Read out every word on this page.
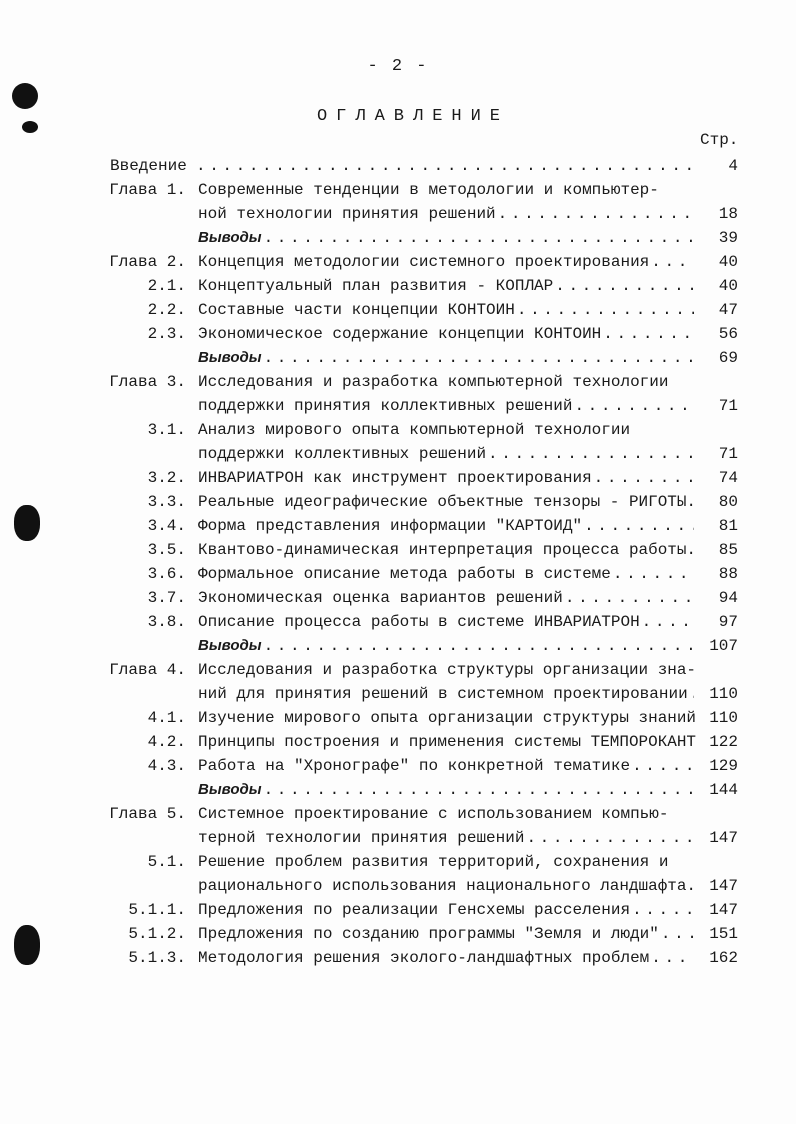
- 2 -
ОГЛАВЛЕНИЕ
Стр.
Введение . . .	4
Глава 1. Современные тенденции в методологии и компьютер-
ной технологии принятия решений . . .	18
Выводы . . .	39
Глава 2. Концепция методологии системного проектирования . . .	40
2.1. Концептуальный план развития - КОПЛАР . . .	40
2.2. Составные части концепции КОНТОИН . . .	47
2.3. Экономическое содержание концепции КОНТОИН . . .	56
Выводы . . .	69
Глава 3. Исследования и разработка компьютерной технологии
поддержки принятия коллективных решений . . .	71
3.1. Анализ мирового опыта компьютерной технологии
поддержки коллективных решений . . .	71
3.2. ИНВАРИАТРОН как инструмент проектирования . . .	74
3.3. Реальные идеографические объектные тензоры - РИГОТЫ.	80
3.4. Форма представления информации "КАРТОИД" . . .	81
3.5. Квантово-динамическая интерпретация процесса работы.	85
3.6. Формальное описание метода работы в системе . . .	88
3.7. Экономическая оценка вариантов решений . . .	94
3.8. Описание процесса работы в системе ИНВАРИАТРОН . . .	97
Выводы . . .	107
Глава 4. Исследования и разработка структуры организации зна-
ний для принятия решений в системном проектировании . . .	110
4.1. Изучение мирового опыта организации структуры знаний 110
4.2. Принципы построения и применения системы ТЕМПОРОКАНТ 122
4.3. Работа на "Хронографе" по конкретной тематике . . .	129
Выводы . . .	144
Глава 5. Системное проектирование с использованием компью-
терной технологии принятия решений . . .	147
5.1. Решение проблем развития территорий, сохранения и
рационального использования национального ландшафта. 147
5.1.1. Предложения по реализации Генсхемы расселения . . .	147
5.1.2. Предложения по созданию программы "Земля и люди" . . .	151
5.1.3. Методология решения эколого-ландшафтных проблем . . .	162
